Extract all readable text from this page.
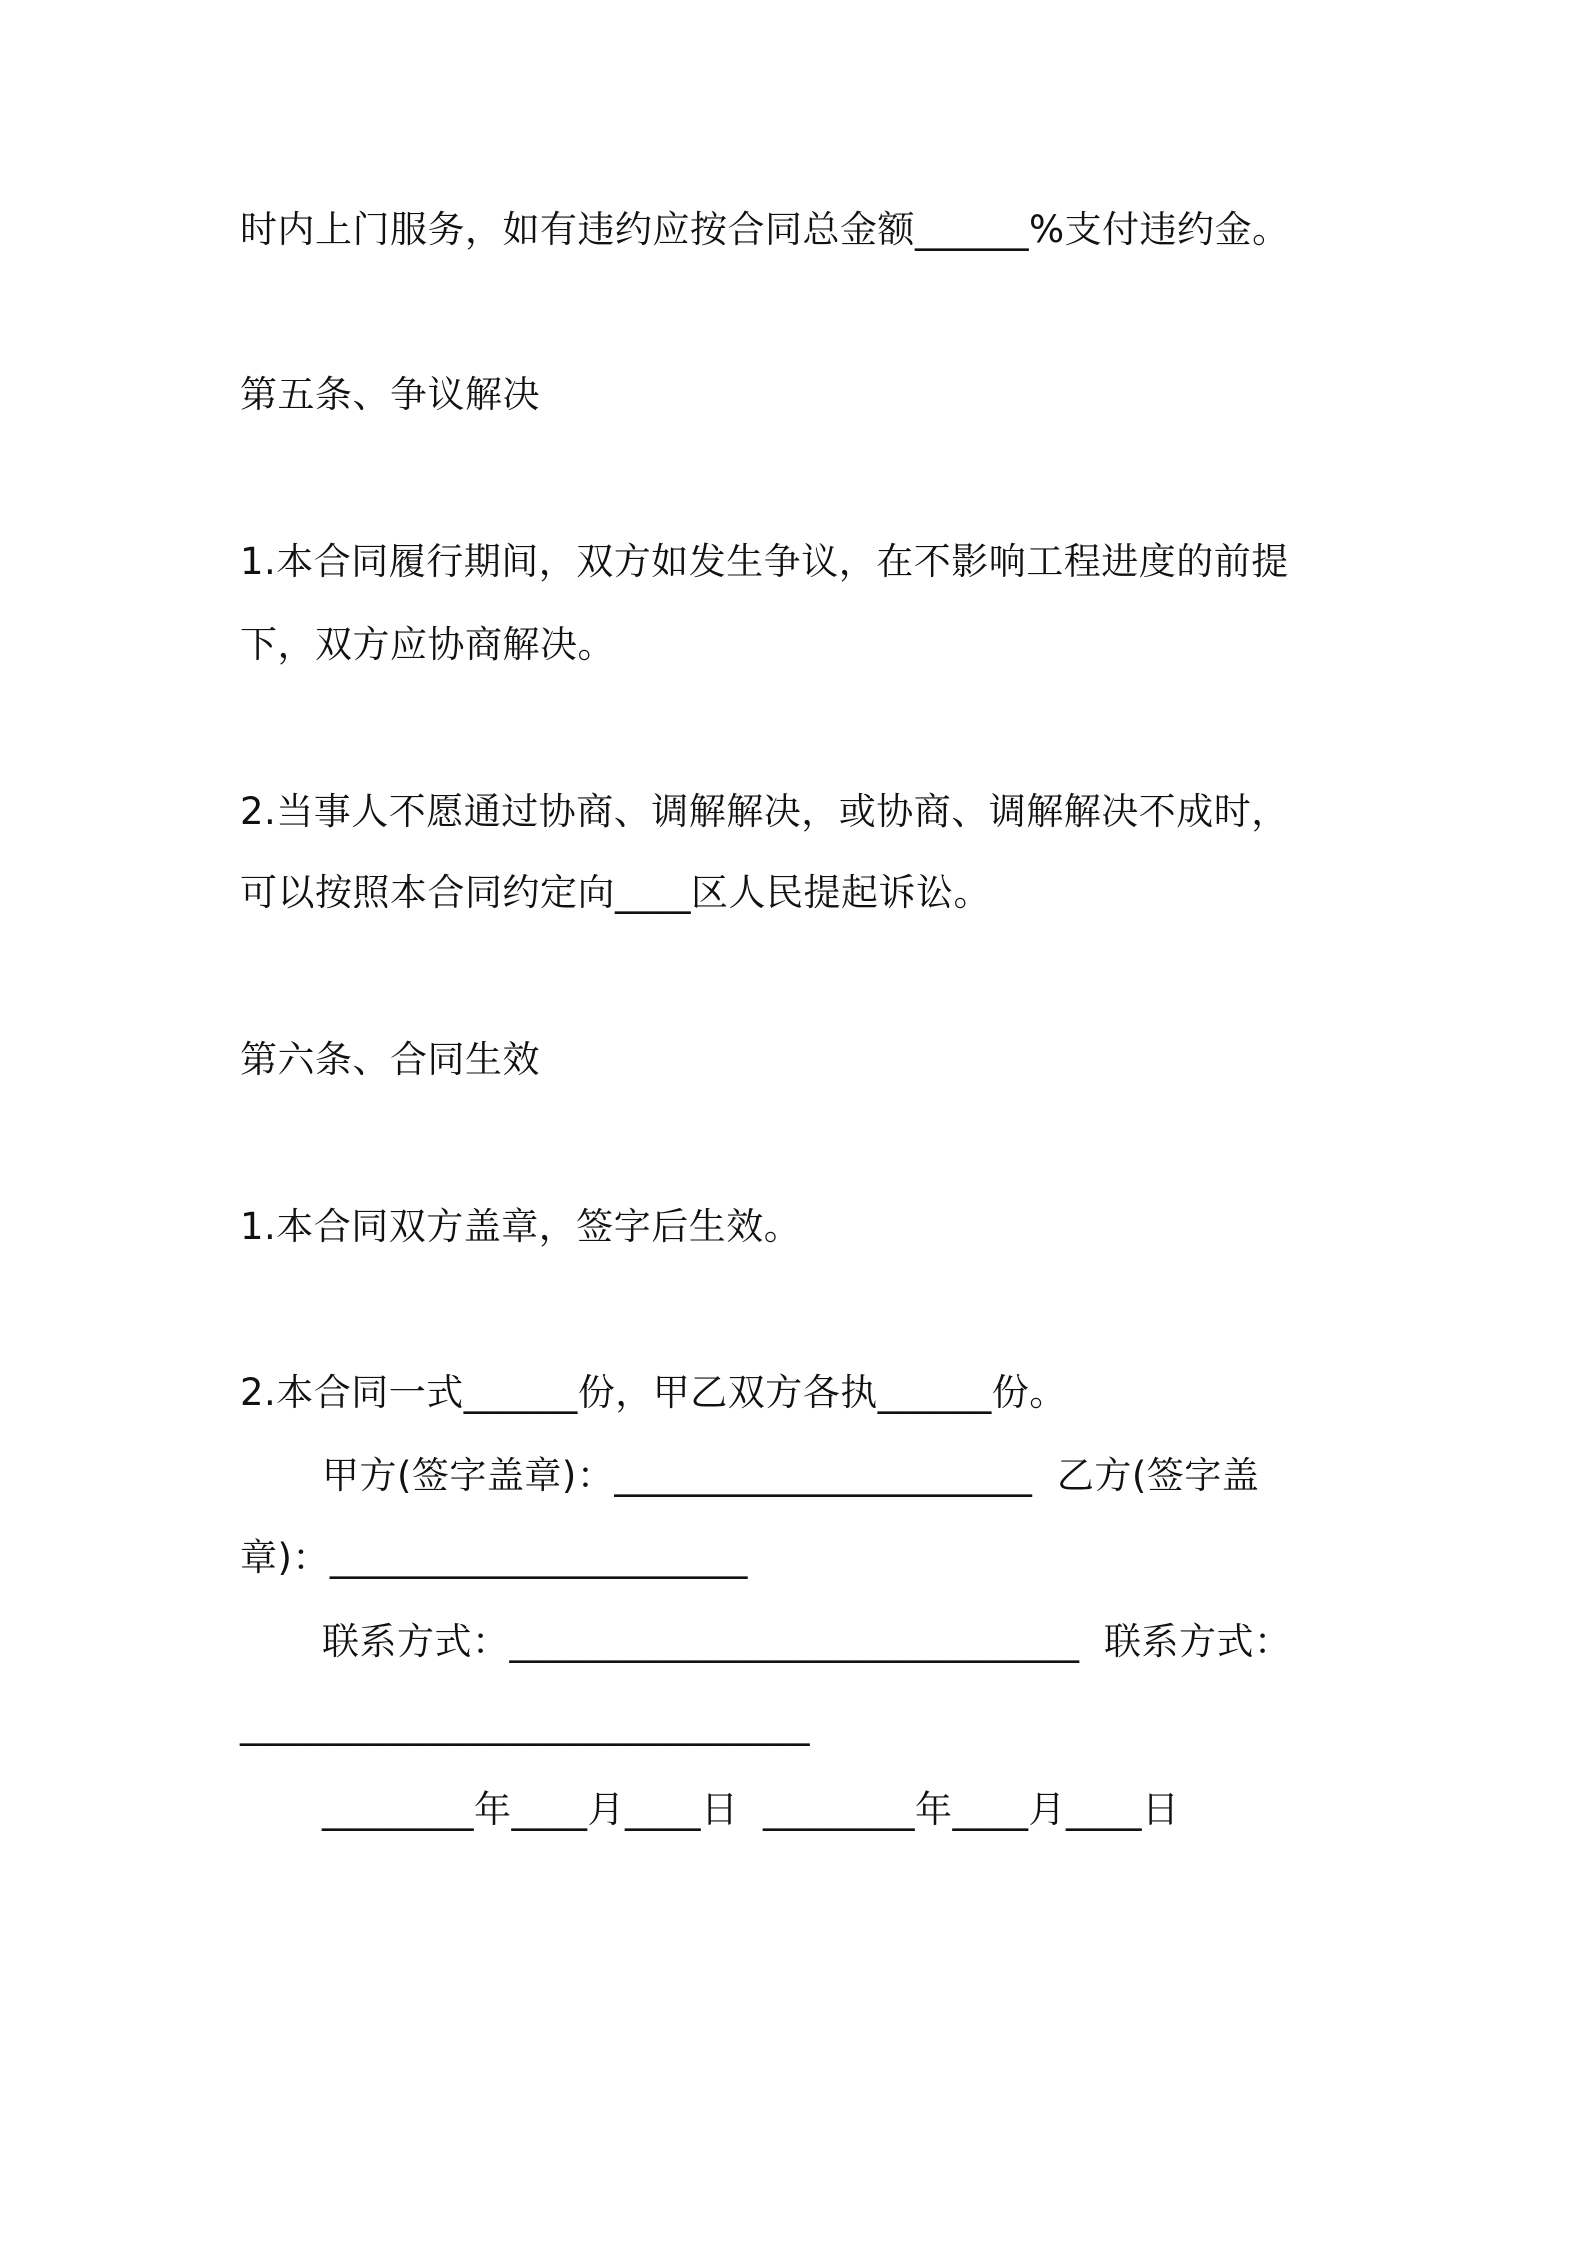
时内上门服务，如有违约应按合同总金额______%支付违约金。
第五条、争议解决
1.本合同履行期间，双方如发生争议，在不影响工程进度的前提
下，双方应协商解决。
2.当事人不愿通过协商、调解解决，或协商、调解解决不成时，
可以按照本合同约定向____区人民提起诉讼。
第六条、合同生效
1.本合同双方盖章，签字后生效。
2.本合同一式______份，甲乙双方各执______份。
甲方(签字盖章)：______________________  乙方(签字盖
章)：______________________
联系方式：______________________________  联系方式：
______________________________
________年____月____日  ________年____月____日
